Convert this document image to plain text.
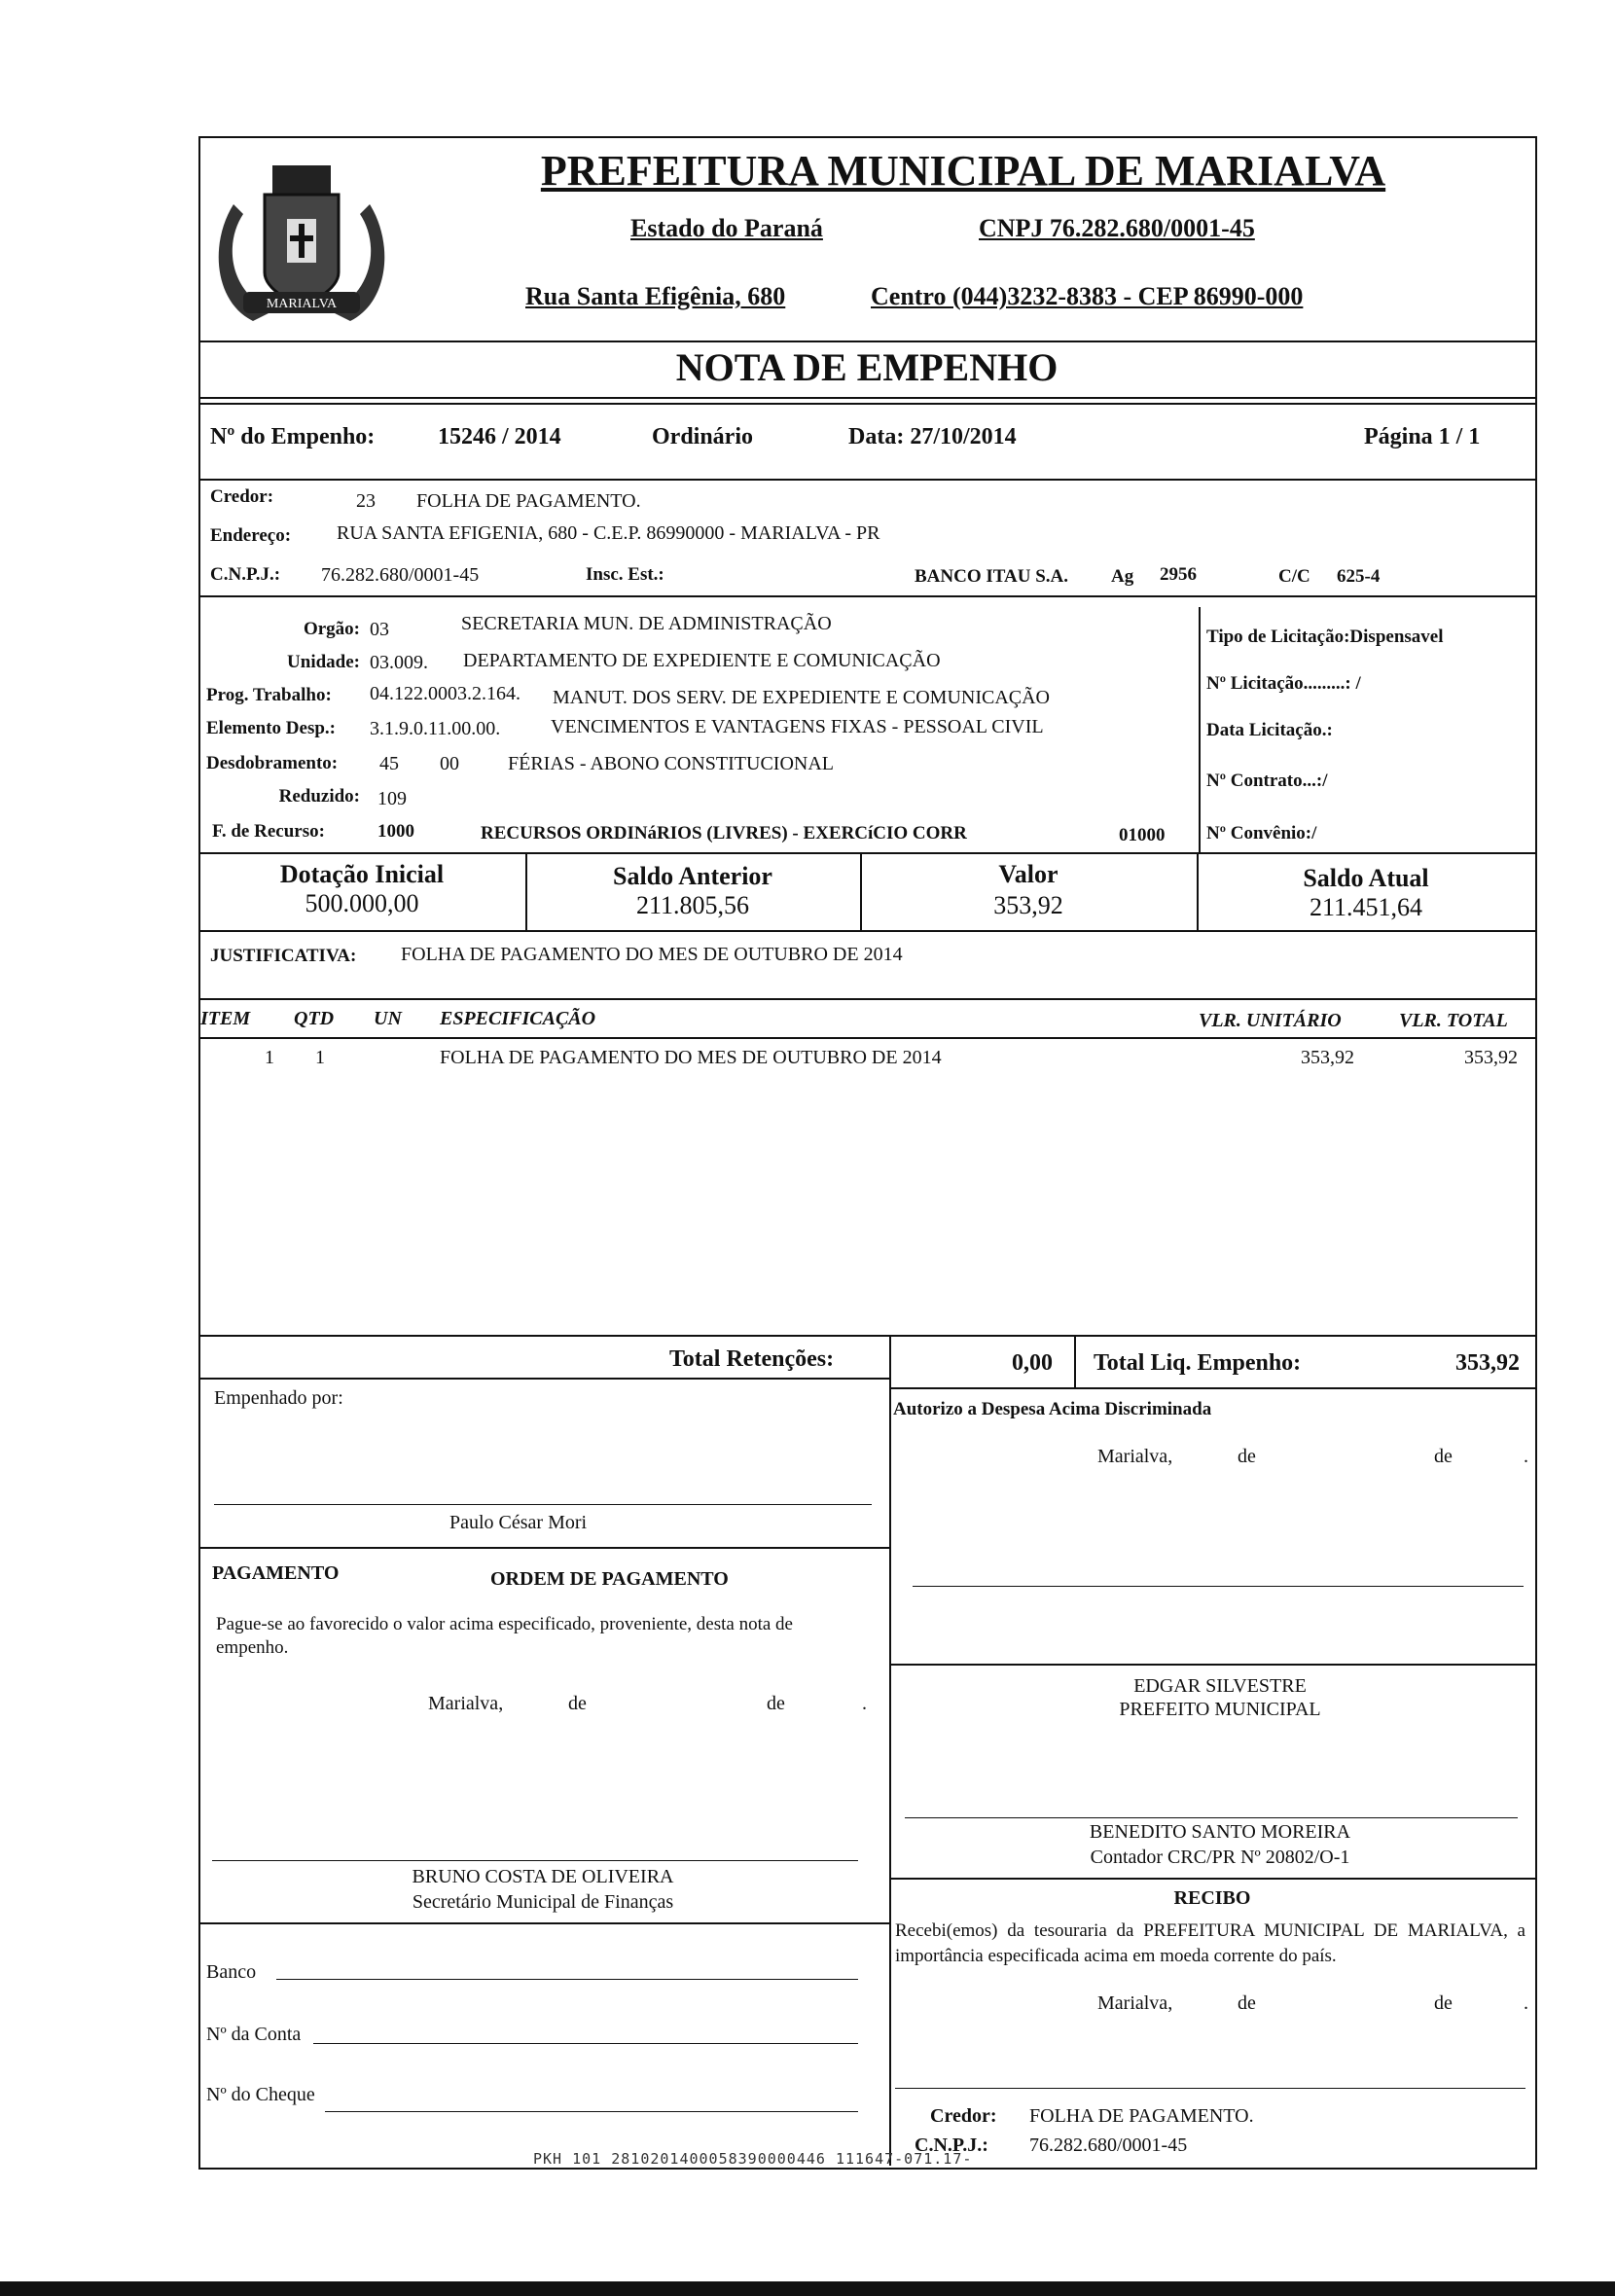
MARIALVA
PREFEITURA MUNICIPAL DE MARIALVA
Estado do Paraná	CNPJ 76.282.680/0001-45
Rua Santa Efigênia, 680	Centro (044)3232-8383 - CEP 86990-000
NOTA DE EMPENHO
Nº do Empenho:	15246 / 2014	Ordinário	Data: 27/10/2014	Página 1 / 1
Credor:	23 FOLHA DE PAGAMENTO.
Endereço: RUA SANTA EFIGENIA, 680 - C.E.P. 86990000 - MARIALVA - PR
C.N.P.J.: 76.282.680/0001-45	Insc. Est.:	BANCO ITAU S.A. Ag 2956	C/C 625-4
Orgão: 03	SECRETARIA MUN. DE ADMINISTRAÇÃO
Unidade: 03.009. DEPARTAMENTO DE EXPEDIENTE E COMUNICAÇÃO
Prog. Trabalho: 04.122.0003.2.164. MANUT. DOS SERV. DE EXPEDIENTE E COMUNICAÇÃO
Elemento Desp.: 3.1.9.0.11.00.00.	VENCIMENTOS E VANTAGENS FIXAS - PESSOAL CIVIL
Desdobramento: 45 00	FÉRIAS - ABONO CONSTITUCIONAL
Reduzido: 109
F. de Recurso:	1000	RECURSOS ORDINáRIOS (LIVRES) - EXERCíCIO CORR	01000
Tipo de Licitação:Dispensavel
Nº Licitação.........: /
Data Licitação.:
Nº Contrato...:/
Nº Convênio:/
Dotação Inicial
500.000,00
Saldo Anterior
211.805,56
Valor
353,92
Saldo Atual
211.451,64
JUSTIFICATIVA: FOLHA DE PAGAMENTO DO MES DE OUTUBRO DE 2014
ITEM QTD UN ESPECIFICAÇÃO	VLR. UNITÁRIO	VLR. TOTAL
1 1	FOLHA DE PAGAMENTO DO MES DE OUTUBRO DE 2014	353,92	353,92
Total Retenções:	0,00 Total Liq. Empenho:	353,92
Empenhado por:
Paulo César Mori
PAGAMENTO	ORDEM DE PAGAMENTO
Pague-se ao favorecido o valor acima especificado, proveniente, desta nota de empenho.
Marialva,	de	de	.
BRUNO COSTA DE OLIVEIRA
Secretário Municipal de Finanças
Banco
Nº da Conta
Nº do Cheque
Autorizo a Despesa Acima Discriminada
Marialva,	de	de	.
EDGAR SILVESTRE
PREFEITO MUNICIPAL
BENEDITO SANTO MOREIRA
Contador CRC/PR Nº 20802/O-1
RECIBO
Recebi(emos) da tesouraria da PREFEITURA MUNICIPAL DE MARIALVA, a importância especificada acima em moeda corrente do país.
Marialva,	de	de	.
Credor: FOLHA DE PAGAMENTO.
C.N.P.J.: 76.282.680/0001-45
PKH 101 2810201400058390000446 111647-071.17-
